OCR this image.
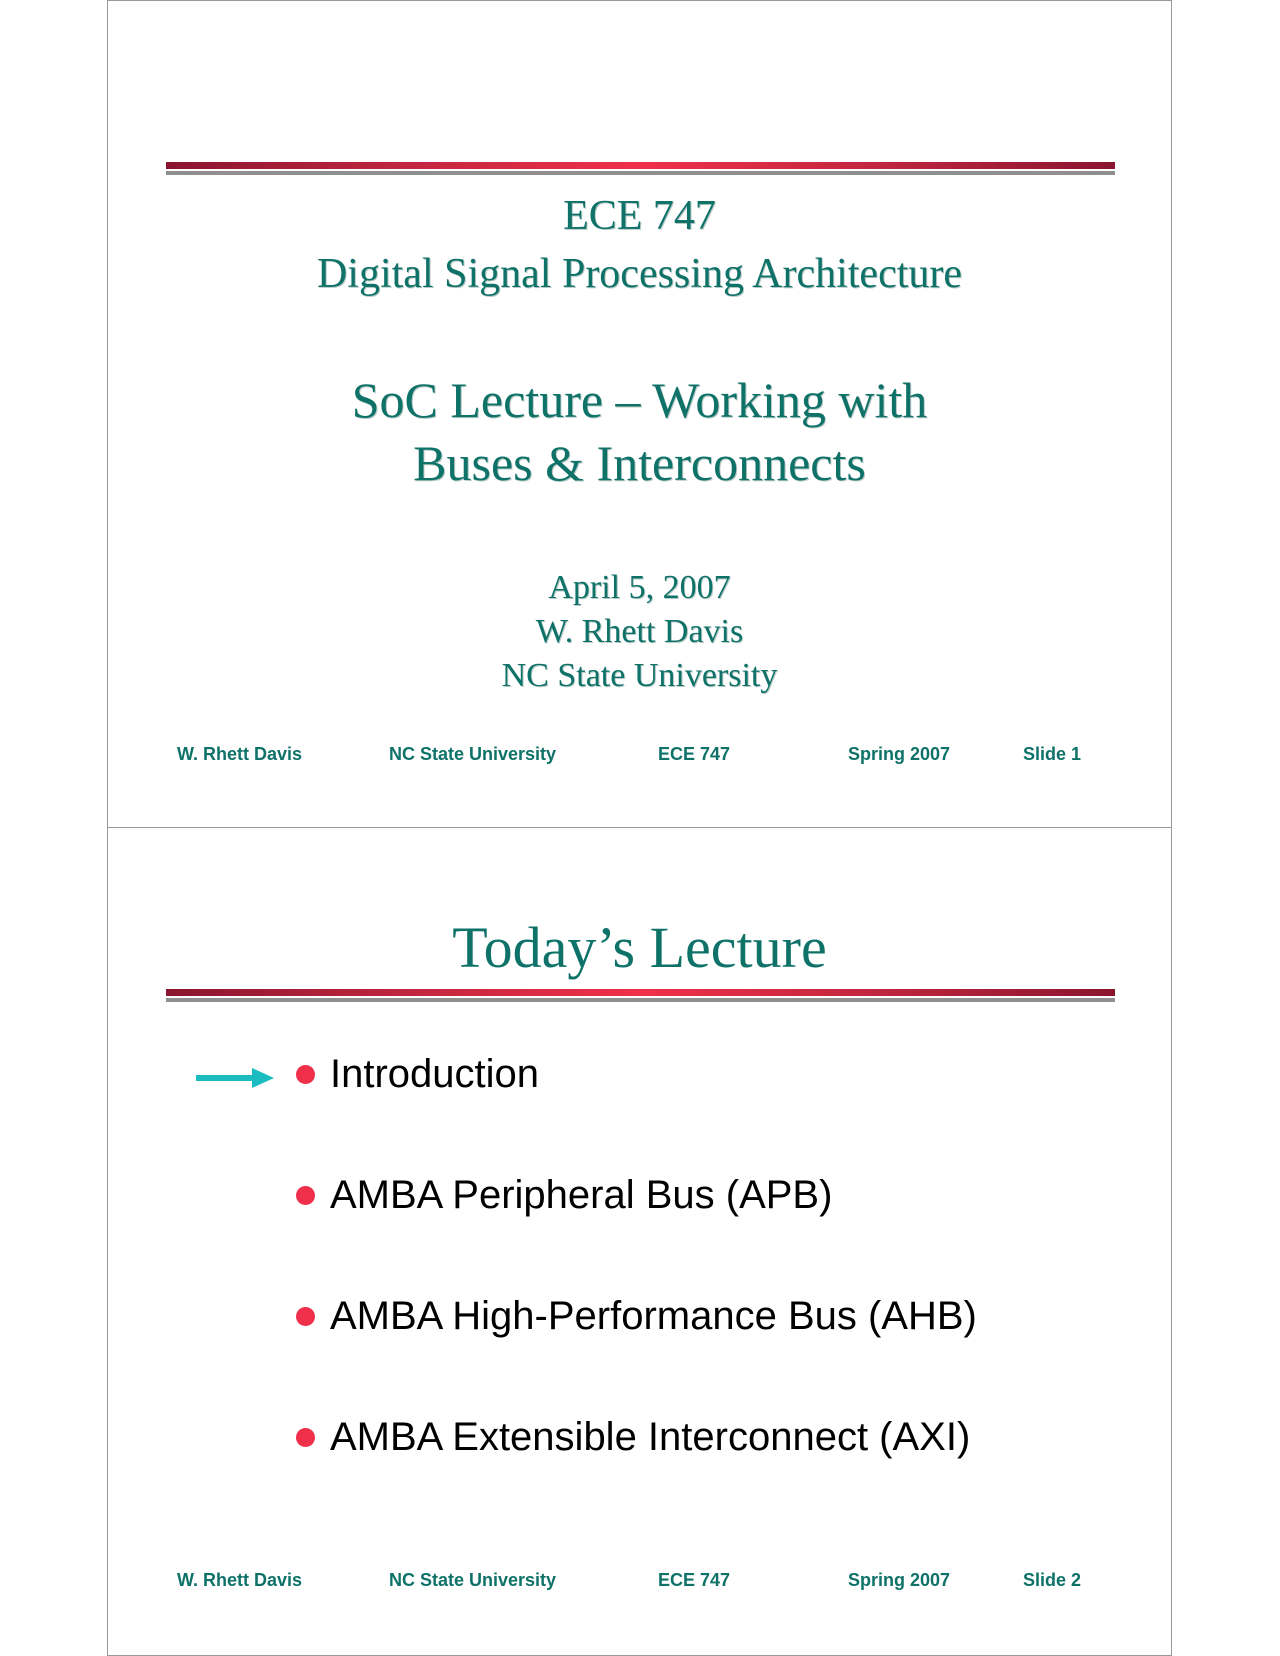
ECE 747
Digital Signal Processing Architecture
SoC Lecture – Working with
Buses & Interconnects
April 5, 2007
W. Rhett Davis
NC State University
W. Rhett Davis	NC State University	ECE 747	Spring 2007	Slide 1
Today’s Lecture
Introduction
AMBA Peripheral Bus (APB)
AMBA High-Performance Bus (AHB)
AMBA Extensible Interconnect (AXI)
W. Rhett Davis	NC State University	ECE 747	Spring 2007	Slide 2
